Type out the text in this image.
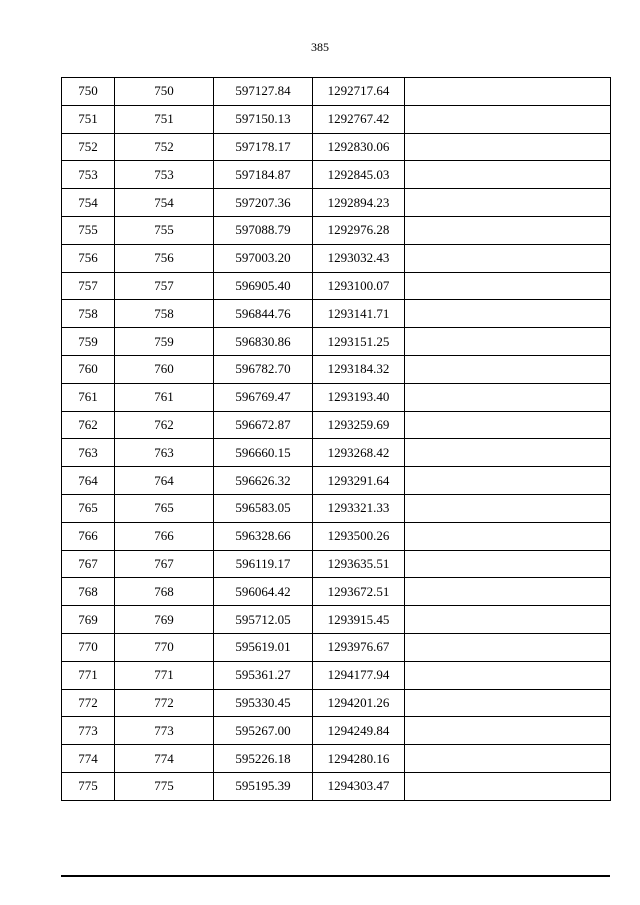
385
750	750	597127.84	1292717.64	
751	751	597150.13	1292767.42	
752	752	597178.17	1292830.06	
753	753	597184.87	1292845.03	
754	754	597207.36	1292894.23	
755	755	597088.79	1292976.28	
756	756	597003.20	1293032.43	
757	757	596905.40	1293100.07	
758	758	596844.76	1293141.71	
759	759	596830.86	1293151.25	
760	760	596782.70	1293184.32	
761	761	596769.47	1293193.40	
762	762	596672.87	1293259.69	
763	763	596660.15	1293268.42	
764	764	596626.32	1293291.64	
765	765	596583.05	1293321.33	
766	766	596328.66	1293500.26	
767	767	596119.17	1293635.51	
768	768	596064.42	1293672.51	
769	769	595712.05	1293915.45	
770	770	595619.01	1293976.67	
771	771	595361.27	1294177.94	
772	772	595330.45	1294201.26	
773	773	595267.00	1294249.84	
774	774	595226.18	1294280.16	
775	775	595195.39	1294303.47	
